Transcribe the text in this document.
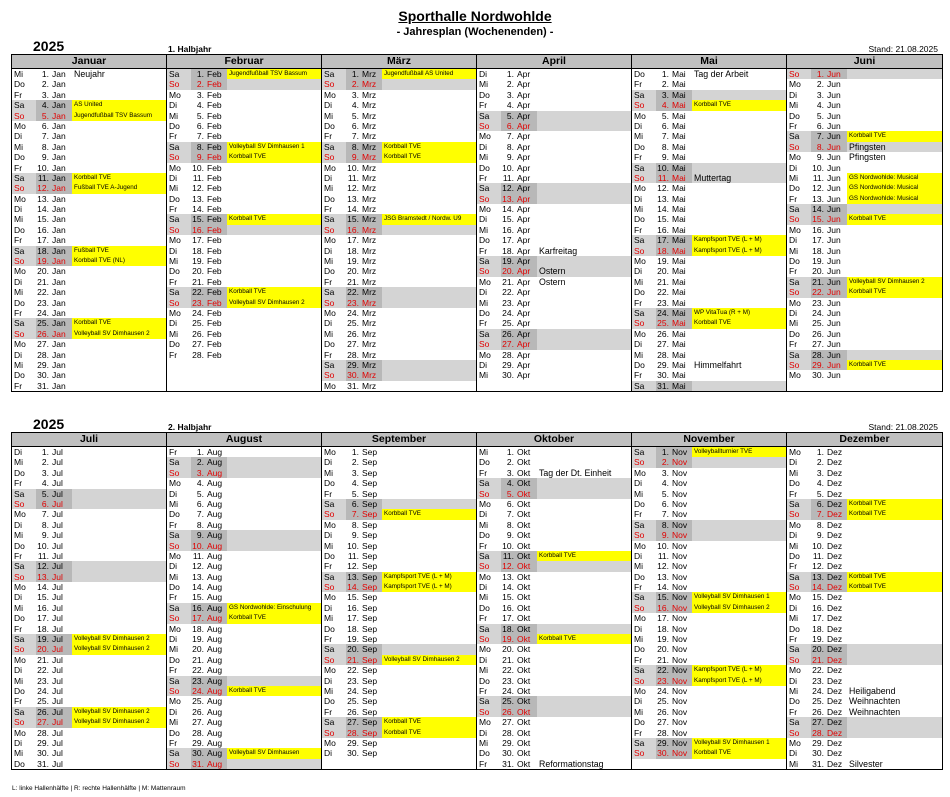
Sporthalle Nordwohlde
- Jahresplan (Wochenenden) -
2025	1. Halbjahr	Stand: 21.08.2025
Januar
Mi	1. Jan Neujahr
Do	2. Jan
Fr	3. Jan
Sa	4. Jan	AS United
So	5. Jan	Jugendfußball TSV Bassum
Mo	6. Jan
Di	7. Jan
Mi	8. Jan
Do	9. Jan
Fr	10. Jan
Sa	11. Jan	Korbball TVE
So	12. Jan	Fußball TVE A-Jugend
Mo	13. Jan
Di	14. Jan
Mi	15. Jan
Do	16. Jan
Fr	17. Jan
Sa	18. Jan	Fußball TVE
So	19. Jan	Korbball TVE (NL)
Mo	20. Jan
Di	21. Jan
Mi	22. Jan
Do	23. Jan
Fr	24. Jan
Sa	25. Jan	Korbball TVE
So	26. Jan	Volleyball SV Dimhausen 2
Mo	27. Jan
Di	28. Jan
Mi	29. Jan
Do	30. Jan
Fr	31. Jan
Februar
Sa	1. Feb	Jugendfußball TSV Bassum
So	2. Feb
Mo	3. Feb
Di	4. Feb
Mi	5. Feb
Do	6. Feb
Fr	7. Feb
Sa	8. Feb	Volleyball SV Dimhausen 1
So	9. Feb	Korbball TVE
Mo	10. Feb
Di	11. Feb
Mi	12. Feb
Do	13. Feb
Fr	14. Feb
Sa	15. Feb	Korbball TVE
So	16. Feb
Mo	17. Feb
Di	18. Feb
Mi	19. Feb
Do	20. Feb
Fr	21. Feb
Sa	22. Feb	Korbball TVE
So	23. Feb	Volleyball SV Dimhausen 2
Mo	24. Feb
Di	25. Feb
Mi	26. Feb
Do	27. Feb
Fr	28. Feb
März
Sa	1. Mrz	Jugendfußball AS United
So	2. Mrz
Mo	3. Mrz
Di	4. Mrz
Mi	5. Mrz
Do	6. Mrz
Fr	7. Mrz
Sa	8. Mrz	Korbball TVE
So	9. Mrz	Korbball TVE
Mo	10. Mrz
Di	11. Mrz
Mi	12. Mrz
Do	13. Mrz
Fr	14. Mrz
Sa	15. Mrz	JSG Bramstedt / Nordw. U9
So	16. Mrz
Mo	17. Mrz
Di	18. Mrz
Mi	19. Mrz
Do	20. Mrz
Fr	21. Mrz
Sa	22. Mrz
So	23. Mrz
Mo	24. Mrz
Di	25. Mrz
Mi	26. Mrz
Do	27. Mrz
Fr	28. Mrz
Sa	29. Mrz
So	30. Mrz
Mo	31. Mrz
April
Di	1. Apr
Mi	2. Apr
Do	3. Apr
Fr	4. Apr
Sa	5. Apr
So	6. Apr
Mo	7. Apr
Di	8. Apr
Mi	9. Apr
Do	10. Apr
Fr	11. Apr
Sa	12. Apr
So	13. Apr
Mo	14. Apr
Di	15. Apr
Mi	16. Apr
Do	17. Apr
Fr	18. Apr Karfreitag
Sa	19. Apr
So	20. Apr Ostern
Mo	21. Apr Ostern
Di	22. Apr
Mi	23. Apr
Do	24. Apr
Fr	25. Apr
Sa	26. Apr
So	27. Apr
Mo	28. Apr
Di	29. Apr
Mi	30. Apr
Mai
Do	1. Mai Tag der Arbeit
Fr	2. Mai
Sa	3. Mai
So	4. Mai	Korbball TVE
Mo	5. Mai
Di	6. Mai
Mi	7. Mai
Do	8. Mai
Fr	9. Mai
Sa	10. Mai
So	11. Mai Muttertag
Mo	12. Mai
Di	13. Mai
Mi	14. Mai
Do	15. Mai
Fr	16. Mai
Sa	17. Mai	Kampfsport TVE (L + M)
So	18. Mai	Kampfsport TVE (L + M)
Mo	19. Mai
Di	20. Mai
Mi	21. Mai
Do	22. Mai
Fr	23. Mai
Sa	24. Mai	WP VitaTua (R + M)
So	25. Mai	Korbball TVE
Mo	26. Mai
Di	27. Mai
Mi	28. Mai
Do	29. Mai Himmelfahrt
Fr	30. Mai
Sa	31. Mai
Juni
So	1. Jun
Mo	2. Jun
Di	3. Jun
Mi	4. Jun
Do	5. Jun
Fr	6. Jun
Sa	7. Jun	Korbball TVE
So	8. Jun Pfingsten
Mo	9. Jun Pfingsten
Di	10. Jun
Mi	11. Jun	GS Nordwohlde: Musical
Do	12. Jun	GS Nordwohlde: Musical
Fr	13. Jun	GS Nordwohlde: Musical
Sa	14. Jun
So	15. Jun	Korbball TVE
Mo	16. Jun
Di	17. Jun
Mi	18. Jun
Do	19. Jun
Fr	20. Jun
Sa	21. Jun	Volleyball SV Dimhausen 2
So	22. Jun	Korbball TVE
Mo	23. Jun
Di	24. Jun
Mi	25. Jun
Do	26. Jun
Fr	27. Jun
Sa	28. Jun
So	29. Jun	Korbball TVE
Mo	30. Jun
2025	2. Halbjahr	Stand: 21.08.2025
Juli
Di	1. Jul
Mi	2. Jul
Do	3. Jul
Fr	4. Jul
Sa	5. Jul
So	6. Jul
Mo	7. Jul
Di	8. Jul
Mi	9. Jul
Do	10. Jul
Fr	11. Jul
Sa	12. Jul
So	13. Jul
Mo	14. Jul
Di	15. Jul
Mi	16. Jul
Do	17. Jul
Fr	18. Jul
Sa	19. Jul	Volleyball SV Dimhausen 2
So	20. Jul	Volleyball SV Dimhausen 2
Mo	21. Jul
Di	22. Jul
Mi	23. Jul
Do	24. Jul
Fr	25. Jul
Sa	26. Jul	Volleyball SV Dimhausen 2
So	27. Jul	Volleyball SV Dimhausen 2
Mo	28. Jul
Di	29. Jul
Mi	30. Jul
Do	31. Jul
August
Fr	1. Aug
Sa	2. Aug
So	3. Aug
Mo	4. Aug
Di	5. Aug
Mi	6. Aug
Do	7. Aug
Fr	8. Aug
Sa	9. Aug
So	10. Aug
Mo	11. Aug
Di	12. Aug
Mi	13. Aug
Do	14. Aug
Fr	15. Aug
Sa	16. Aug	GS Nordwohlde: Einschulung
So	17. Aug	Korbball TVE
Mo	18. Aug
Di	19. Aug
Mi	20. Aug
Do	21. Aug
Fr	22. Aug
Sa	23. Aug
So	24. Aug	Korbball TVE
Mo	25. Aug
Di	26. Aug
Mi	27. Aug
Do	28. Aug
Fr	29. Aug
Sa	30. Aug	Volleyball SV Dimhausen
So	31. Aug
September
Mo	1. Sep
Di	2. Sep
Mi	3. Sep
Do	4. Sep
Fr	5. Sep
Sa	6. Sep
So	7. Sep	Korbball TVE
Mo	8. Sep
Di	9. Sep
Mi	10. Sep
Do	11. Sep
Fr	12. Sep
Sa	13. Sep	Kampfsport TVE (L + M)
So	14. Sep	Kampfsport TVE (L + M)
Mo	15. Sep
Di	16. Sep
Mi	17. Sep
Do	18. Sep
Fr	19. Sep
Sa	20. Sep
So	21. Sep	Volleyball SV Dimhausen 2
Mo	22. Sep
Di	23. Sep
Mi	24. Sep
Do	25. Sep
Fr	26. Sep
Sa	27. Sep	Korbball TVE
So	28. Sep	Korbball TVE
Mo	29. Sep
Di	30. Sep
Oktober
Mi	1. Okt
Do	2. Okt
Fr	3. Okt Tag der Dt. Einheit
Sa	4. Okt
So	5. Okt
Mo	6. Okt
Di	7. Okt
Mi	8. Okt
Do	9. Okt
Fr	10. Okt
Sa	11. Okt	Korbball TVE
So	12. Okt
Mo	13. Okt
Di	14. Okt
Mi	15. Okt
Do	16. Okt
Fr	17. Okt
Sa	18. Okt
So	19. Okt	Korbball TVE
Mo	20. Okt
Di	21. Okt
Mi	22. Okt
Do	23. Okt
Fr	24. Okt
Sa	25. Okt
So	26. Okt
Mo	27. Okt
Di	28. Okt
Mi	29. Okt
Do	30. Okt
Fr	31. Okt Reformationstag
November
Sa	1. Nov	Volleyballturnier TVE
So	2. Nov
Mo	3. Nov
Di	4. Nov
Mi	5. Nov
Do	6. Nov
Fr	7. Nov
Sa	8. Nov
So	9. Nov
Mo	10. Nov
Di	11. Nov
Mi	12. Nov
Do	13. Nov
Fr	14. Nov
Sa	15. Nov	Volleyball SV Dimhausen 1
So	16. Nov	Volleyball SV Dimhausen 2
Mo	17. Nov
Di	18. Nov
Mi	19. Nov
Do	20. Nov
Fr	21. Nov
Sa	22. Nov	Kampfsport TVE (L + M)
So	23. Nov	Kampfsport TVE (L + M)
Mo	24. Nov
Di	25. Nov
Mi	26. Nov
Do	27. Nov
Fr	28. Nov
Sa	29. Nov	Volleyball SV Dimhausen 1
So	30. Nov	Korbball TVE
Dezember
Mo	1. Dez
Di	2. Dez
Mi	3. Dez
Do	4. Dez
Fr	5. Dez
Sa	6. Dez	Korbball TVE
So	7. Dez	Korbball TVE
Mo	8. Dez
Di	9. Dez
Mi	10. Dez
Do	11. Dez
Fr	12. Dez
Sa	13. Dez	Korbball TVE
So	14. Dez	Korbball TVE
Mo	15. Dez
Di	16. Dez
Mi	17. Dez
Do	18. Dez
Fr	19. Dez
Sa	20. Dez
So	21. Dez
Mo	22. Dez
Di	23. Dez
Mi	24. Dez Heiligabend
Do	25. Dez Weihnachten
Fr	26. Dez Weihnachten
Sa	27. Dez
So	28. Dez
Mo	29. Dez
Di	30. Dez
Mi	31. Dez Silvester
L: linke Hallenhälfte | R: rechte Hallenhälfte | M: Mattenraum
